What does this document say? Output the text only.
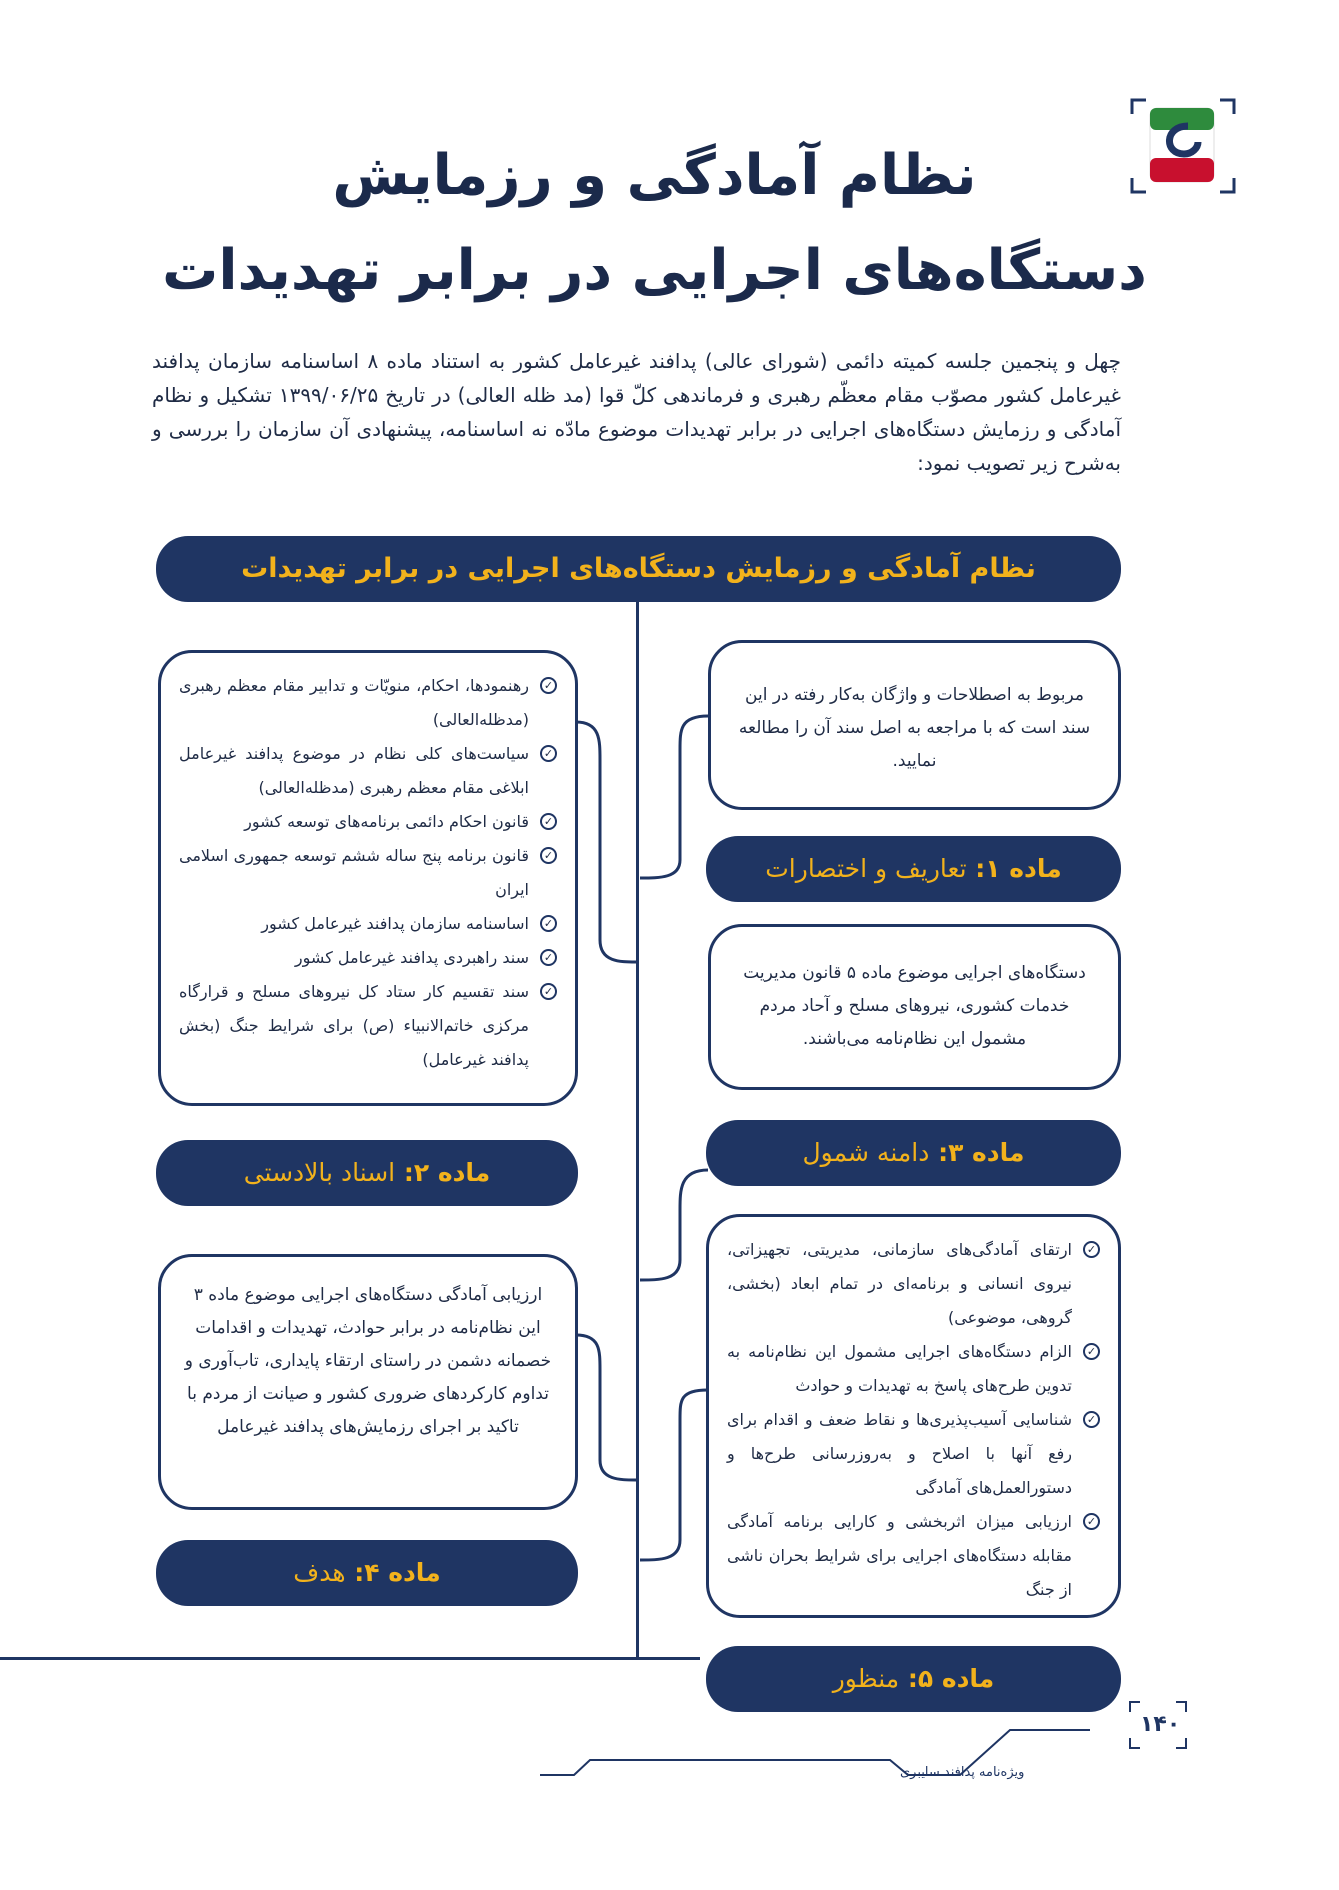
نظام آمادگی و رزمایش
دستگاه‌های اجرایی در برابر تهدیدات
چهل و پنجمین جلسه کمیته دائمی (شورای عالی) پدافند غیرعامل کشور به استناد ماده ۸ اساسنامه سازمان پدافند غیرعامل کشور مصوّب مقام معظّم رهبری و فرماندهی کلّ قوا (مد ظله العالی) در تاریخ ۱۳۹۹/۰۶/۲۵ تشکیل و نظام آمادگی و رزمایش دستگاه‌های اجرایی در برابر تهدیدات موضوع مادّه نه اساسنامه، پیشنهادی آن سازمان را بررسی و به‌شرح زیر تصویب نمود:
نظام آمادگی و رزمایش دستگاه‌های اجرایی در برابر تهدیدات
مربوط به اصطلاحات و واژگان به‌کار رفته در این سند است که با مراجعه به اصل سند آن را مطالعه نمایید.
ماده ۱: تعاریف و اختصارات
دستگاه‌های اجرایی موضوع ماده ۵ قانون مدیریت خدمات کشوری، نیروهای مسلح و آحاد مردم مشمول این نظام‌نامه می‌باشند.
ماده ۳: دامنه شمول
✓
ارتقای آمادگی‌های سازمانی، مدیریتی، تجهیزاتی، نیروی انسانی و برنامه‌ای در تمام ابعاد (بخشی، گروهی، موضوعی)
✓
الزام دستگاه‌های اجرایی مشمول این نظام‌نامه به تدوین طرح‌های پاسخ به تهدیدات و حوادث
✓
شناسایی آسیب‌پذیری‌ها و نقاط ضعف و اقدام برای رفع آنها با اصلاح و به‌روزرسانی طرح‌ها و دستورالعمل‌های آمادگی
✓
ارزیابی میزان اثربخشی و کارایی برنامه آمادگی مقابله دستگاه‌های اجرایی برای شرایط بحران ناشی از جنگ
ماده ۵: منظور
✓
رهنمودها، احکام، منویّات و تدابیر مقام معظم رهبری (مدظله‌العالی)
✓
سیاست‌های کلی نظام در موضوع پدافند غیرعامل ابلاغی مقام معظم رهبری (مدظله‌العالی)
✓
قانون احکام دائمی برنامه‌های توسعه کشور
✓
قانون برنامه پنج ساله ششم توسعه جمهوری اسلامی ایران
✓
اساسنامه سازمان پدافند غیرعامل کشور
✓
سند راهبردی پدافند غیرعامل کشور
✓
سند تقسیم کار ستاد کل نیروهای مسلح و قرارگاه مرکزی خاتم‌الانبیاء (ص) برای شرایط جنگ (بخش پدافند غیرعامل)
ماده ۲: اسناد بالادستی
ارزیابی آمادگی دستگاه‌های اجرایی موضوع ماده ۳ این نظام‌نامه در برابر حوادث، تهدیدات و اقدامات خصمانه دشمن در راستای ارتقاء پایداری، تاب‌آوری و تداوم کارکردهای ضروری کشور و صیانت از مردم با تاکید بر اجرای رزمایش‌های پدافند غیرعامل
ماده ۴: هدف
۱۴۰
ویژه‌نامه پدافند سایبری
